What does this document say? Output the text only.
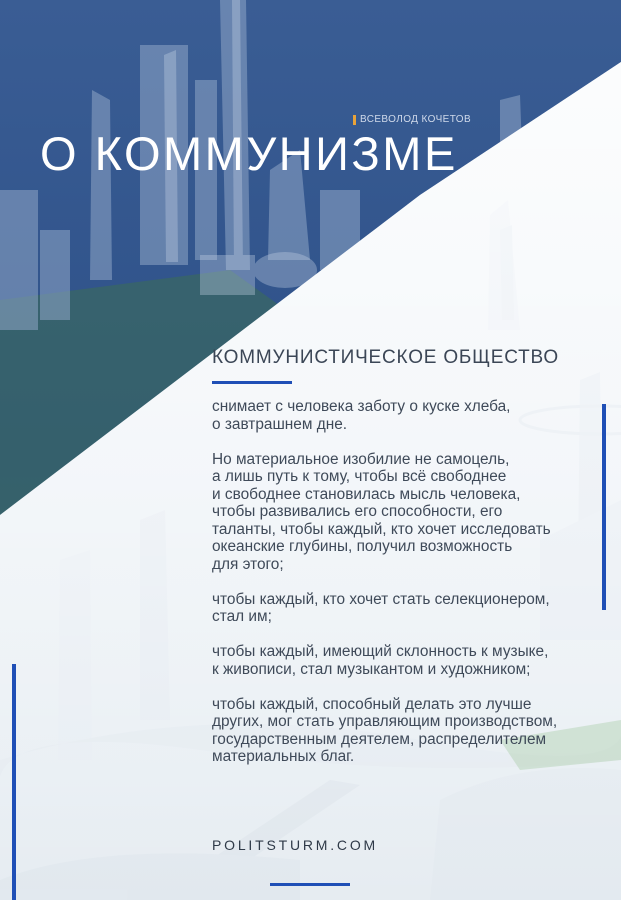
ВСЕВОЛОД КОЧЕТОВ
О КОММУНИЗМЕ
КОММУНИСТИЧЕСКОЕ ОБЩЕСТВО

снимает с человека заботу о куске хлеба,
о завтрашнем дне.

Но материальное изобилие не самоцель,
а лишь путь к тому, чтобы всё свободнее
и свободнее становилась мысль человека,
чтобы развивались его способности, его
таланты, чтобы каждый, кто хочет исследовать
океанские глубины, получил возможность
для этого;

чтобы каждый, кто хочет стать селекционером,
стал им;

чтобы каждый, имеющий склонность к музыке,
к живописи, стал музыкантом и художником;

чтобы каждый, способный делать это лучше
других, мог стать управляющим производством,
государственным деятелем, распределителем
материальных благ.

POLITSTURM.COM
